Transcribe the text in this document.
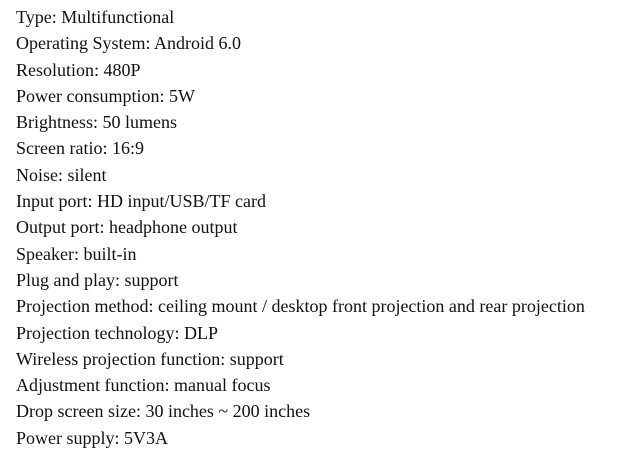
Type: Multifunctional
Operating System: Android 6.0
Resolution: 480P
Power consumption: 5W
Brightness: 50 lumens
Screen ratio: 16:9
Noise: silent
Input port: HD input/USB/TF card
Output port: headphone output
Speaker: built-in
Plug and play: support
Projection method: ceiling mount / desktop front projection and rear projection
Projection technology: DLP
Wireless projection function: support
Adjustment function: manual focus
Drop screen size: 30 inches ~ 200 inches
Power supply: 5V3A
